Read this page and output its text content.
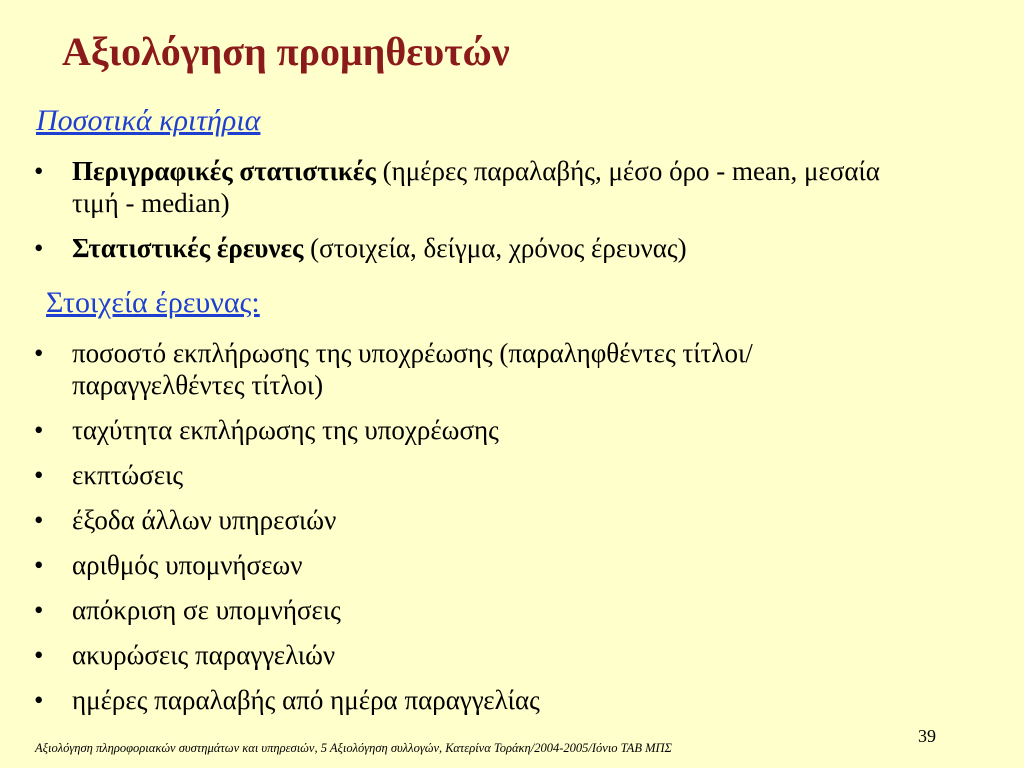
Αξιολόγηση προμηθευτών
Ποσοτικά κριτήρια
• Περιγραφικές στατιστικές (ημέρες παραλαβής, μέσο όρο - mean, μεσαία τιμή - median)
• Στατιστικές έρευνες (στοιχεία, δείγμα, χρόνος έρευνας)
Στοιχεία έρευνας:
• ποσοστό εκπλήρωσης της υποχρέωσης (παραληφθέντες τίτλοι/παραγγελθέντες τίτλοι)
• ταχύτητα εκπλήρωσης της υποχρέωσης
• εκπτώσεις
• έξοδα άλλων υπηρεσιών
• αριθμός υπομνήσεων
• απόκριση σε υπομνήσεις
• ακυρώσεις παραγγελιών
• ημέρες παραλαβής από ημέρα παραγγελίας
39
Αξιολόγηση πληροφοριακών συστημάτων και υπηρεσιών, 5 Αξιολόγηση συλλογών, Κατερίνα Τοράκη/2004-2005/Ιόνιο ΤΑΒ ΜΠΣ
